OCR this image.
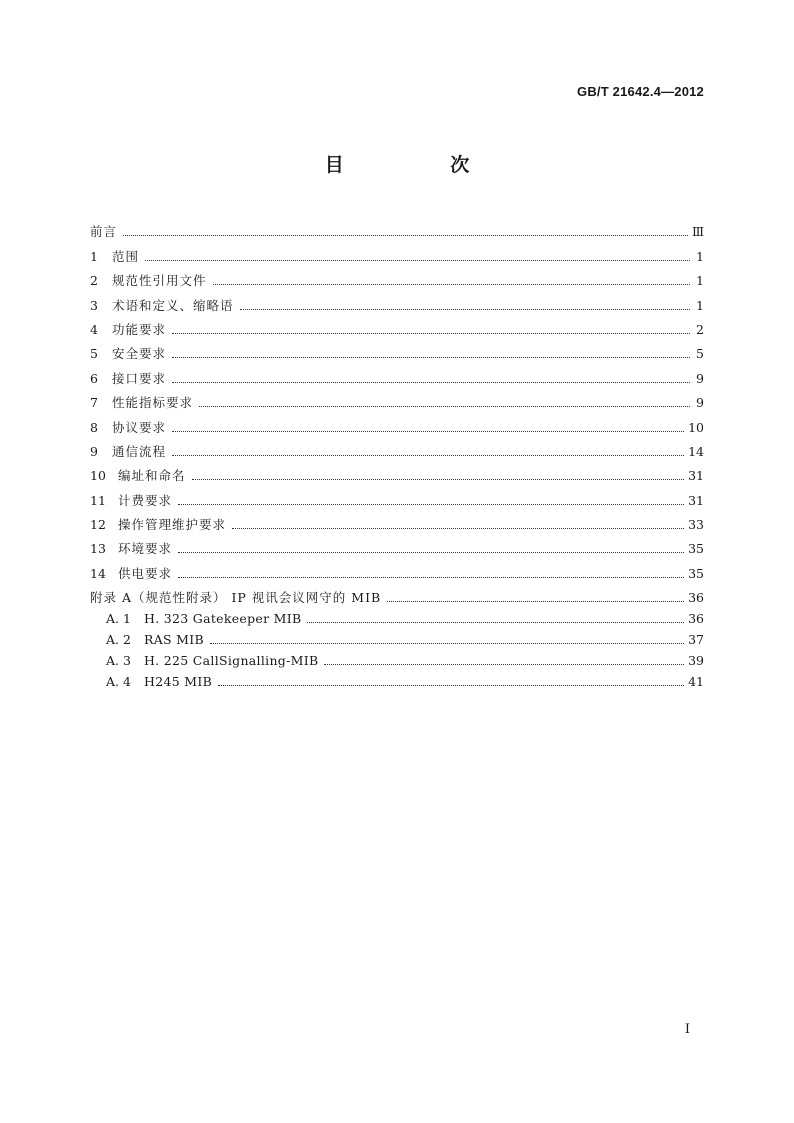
GB/T 21642.4—2012
目 次
前言	Ⅲ
1	范围	1
2	规范性引用文件	1
3	术语和定义、缩略语	1
4	功能要求	2
5	安全要求	5
6	接口要求	9
7	性能指标要求	9
8	协议要求	10
9	通信流程	14
10 编址和命名	31
11 计费要求	31
12 操作管理维护要求	33
13 环境要求	35
14 供电要求	35
附录 A（规范性附录） IP 视讯会议网守的 MIB	36
A. 1	H. 323 Gatekeeper MIB	36
A. 2	RAS MIB	37
A. 3	H. 225 CallSignalling-MIB	39
A. 4	H245 MIB	41
I
